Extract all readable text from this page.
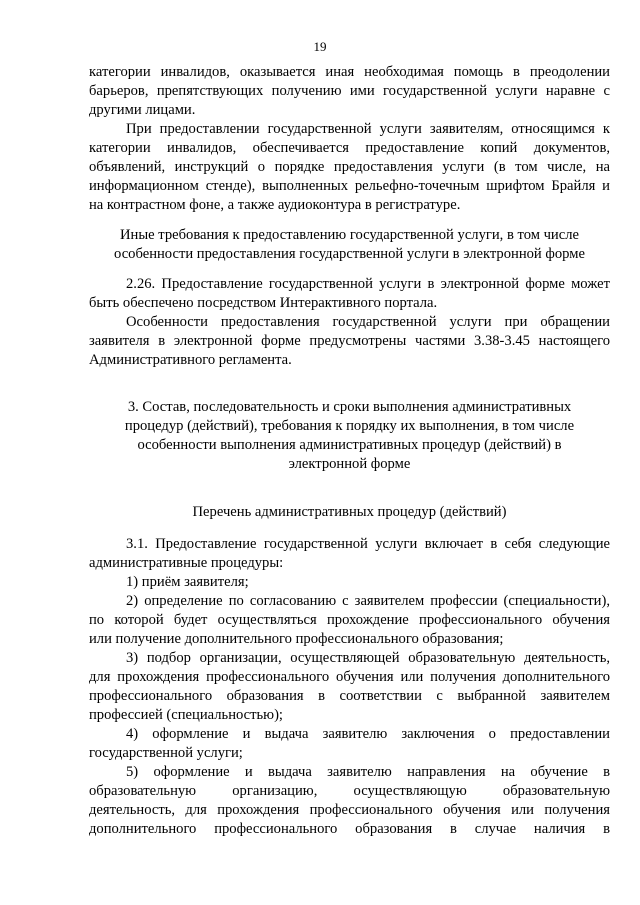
19
категории инвалидов, оказывается иная необходимая помощь в преодолении
барьеров, препятствующих получению ими государственной услуги наравне с
другими лицами.
При предоставлении государственной услуги заявителям, относящимся к
категории инвалидов, обеспечивается предоставление копий документов,
объявлений, инструкций о порядке предоставления услуги (в том числе, на
информационном стенде), выполненных рельефно-точечным шрифтом Брайля и
на контрастном фоне, а также аудиоконтура в регистратуре.
Иные требования к предоставлению государственной услуги, в том числе
особенности предоставления государственной услуги в электронной форме
2.26. Предоставление государственной услуги в электронной форме может
быть обеспечено посредством Интерактивного портала.
Особенности предоставления государственной услуги при обращении
заявителя в электронной форме предусмотрены частями 3.38-3.45 настоящего
Административного регламента.
3. Состав, последовательность и сроки выполнения административных
процедур (действий), требования к порядку их выполнения, в том числе
особенности выполнения административных процедур (действий) в
электронной форме
Перечень административных процедур (действий)
3.1. Предоставление государственной услуги включает в себя следующие
административные процедуры:
1) приём заявителя;
2) определение по согласованию с заявителем профессии (специальности),
по которой будет осуществляться прохождение профессионального обучения
или получение дополнительного профессионального образования;
3) подбор организации, осуществляющей образовательную деятельность,
для прохождения профессионального обучения или получения дополнительного
профессионального образования в соответствии с выбранной заявителем
профессией (специальностью);
4) оформление и выдача заявителю заключения о предоставлении
государственной услуги;
5) оформление и выдача заявителю направления на обучение в
образовательную организацию, осуществляющую образовательную
деятельность, для прохождения профессионального обучения или получения
дополнительного профессионального образования в случае наличия в
